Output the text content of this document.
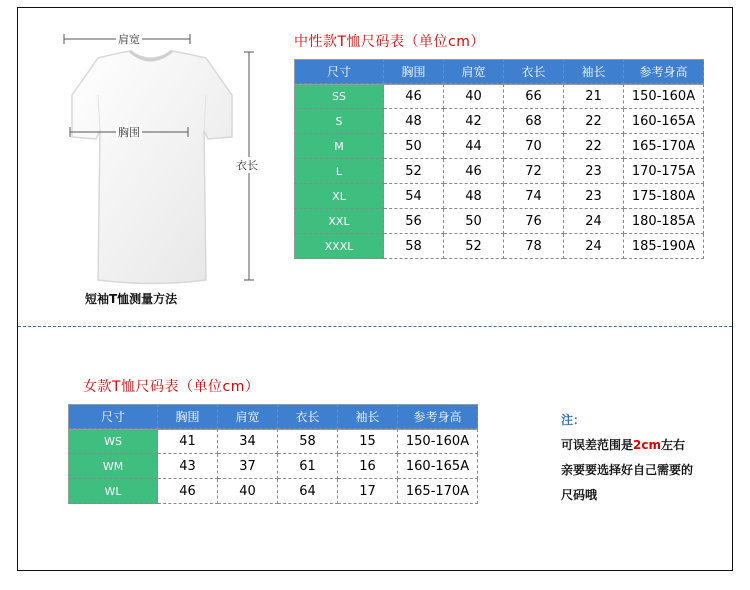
肩宽
胸围
衣长
短袖T恤测量方法
中性款T恤尺码表（单位cm）
尺寸	胸围	肩宽	衣长	袖长	参考身高
SS	46	40	66	21	150-160A
S	48	42	68	22	160-165A
M	50	44	70	22	165-170A
L	52	46	72	23	170-175A
XL	54	48	74	23	175-180A
XXL	56	50	76	24	180-185A
XXXL	58	52	78	24	185-190A
女款T恤尺码表（单位cm）
尺寸	胸围	肩宽	衣长	袖长	参考身高
WS	41	34	58	15	150-160A
WM	43	37	61	16	160-165A
WL	46	40	64	17	165-170A
注：
可误差范围是2cm左右
亲要要选择好自己需要的
尺码哦
